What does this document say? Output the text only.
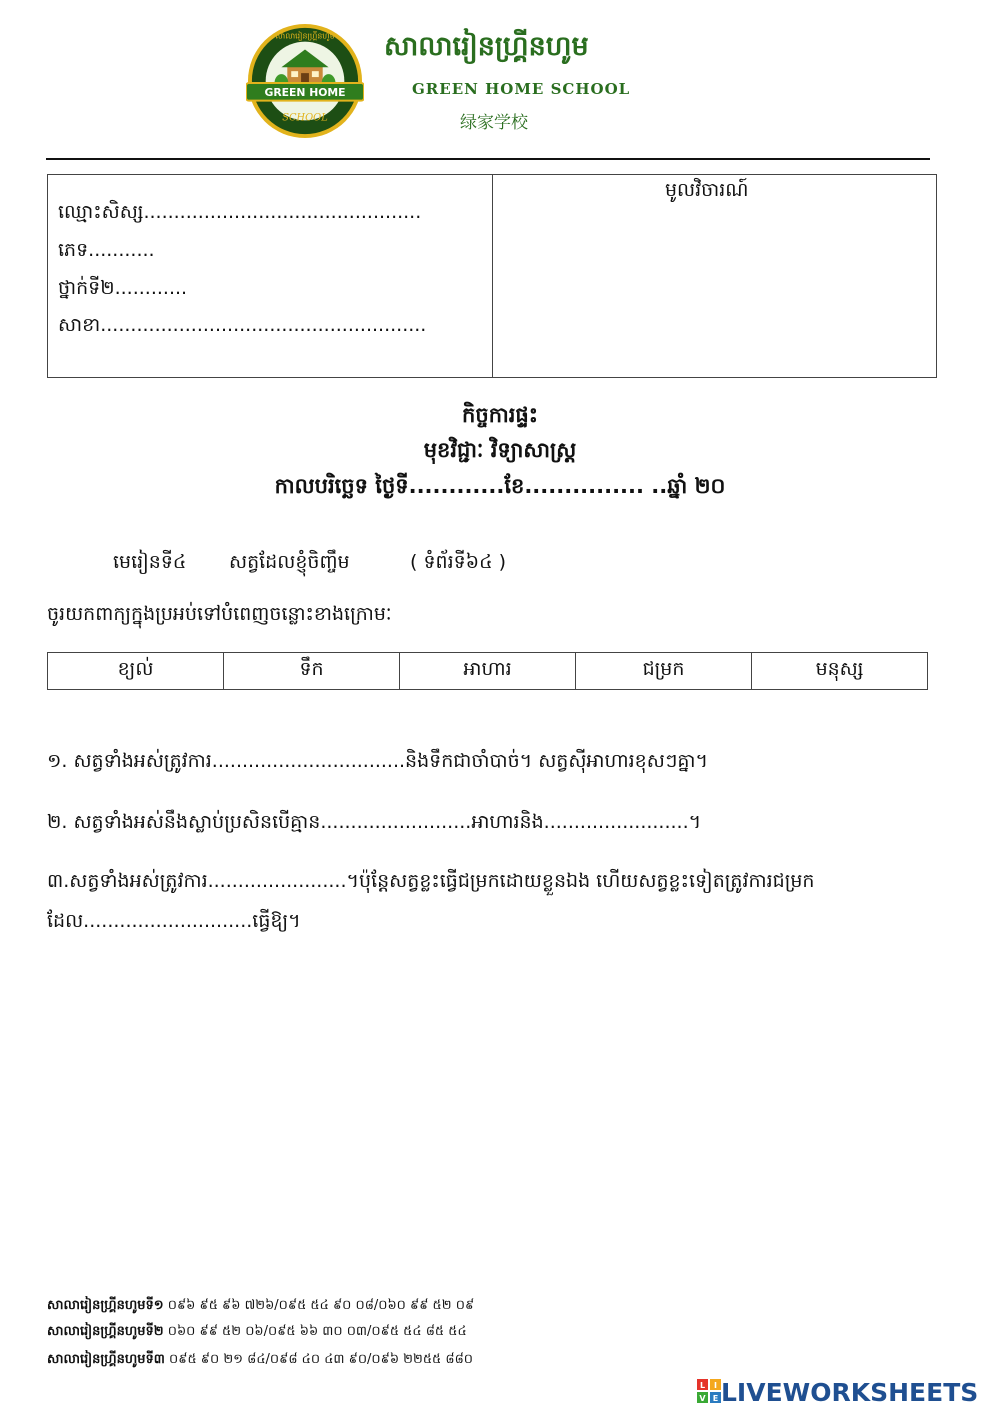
GREEN HOME
សាលារៀនហ្គ្រីនហូម
SCHOOL
សាលារៀនហ្គ្រីនហូម
GREEN HOME SCHOOL
绿家学校
ឈ្មោះសិស្ស..............................................
ភេទ...........
ថ្នាក់ទី២............
សាខា......................................................
មូលវិចារណ៍
កិច្ចការផ្ទះ
មុខវិជ្ជាៈ វិទ្យាសាស្ត្រ
កាលបរិច្ឆេទ ថ្ងៃទី............ខែ............... ..ឆ្នាំ ២០
មេរៀនទី៤ សត្វដែលខ្ញុំចិញ្ចឹម	( ទំព័រទី៦៤ )
ចូរយកពាក្យក្នុងប្រអប់ទៅបំពេញចន្លោះខាងក្រោមៈ
ខ្យល់	ទឹក	អាហារ	ជម្រក	មនុស្ស
១. សត្វទាំងអស់ត្រូវការ................................និងទឹកជាចាំបាច់។ សត្វស៊ីអាហារខុសៗគ្នា។
២. សត្វទាំងអស់នឹងស្លាប់ប្រសិនបើគ្មាន.........................អាហារនិង........................។
៣.សត្វទាំងអស់ត្រូវការ.......................។ប៉ុន្តែសត្វខ្លះធ្វើជម្រកដោយខ្លួនឯង ហើយសត្វខ្លះទៀតត្រូវការជម្រក
ដែល............................ធ្វើឱ្យ។
សាលារៀនហ្គ្រីនហូមទី១ ០៩៦ ៩៥ ៩៦ ៧២៦/០៩៥ ៥៤ ៩០ ០៨/០៦០ ៩៩ ៥២ ០៩
សាលារៀនហ្គ្រីនហូមទី២ ០៦០ ៩៩ ៥២ ០៦/០៩៥ ៦៦ ៣០ ០៣/០៩៥ ៥៤ ៨៥ ៥៤
សាលារៀនហ្គ្រីនហូមទី៣ ០៩៥ ៩០ ២១ ៨៤/០៩៨ ៤០ ៤៣ ៩០/០៩៦ ២២៥៥ ៨៨០
L I
V E LIVEWORKSHEETS
